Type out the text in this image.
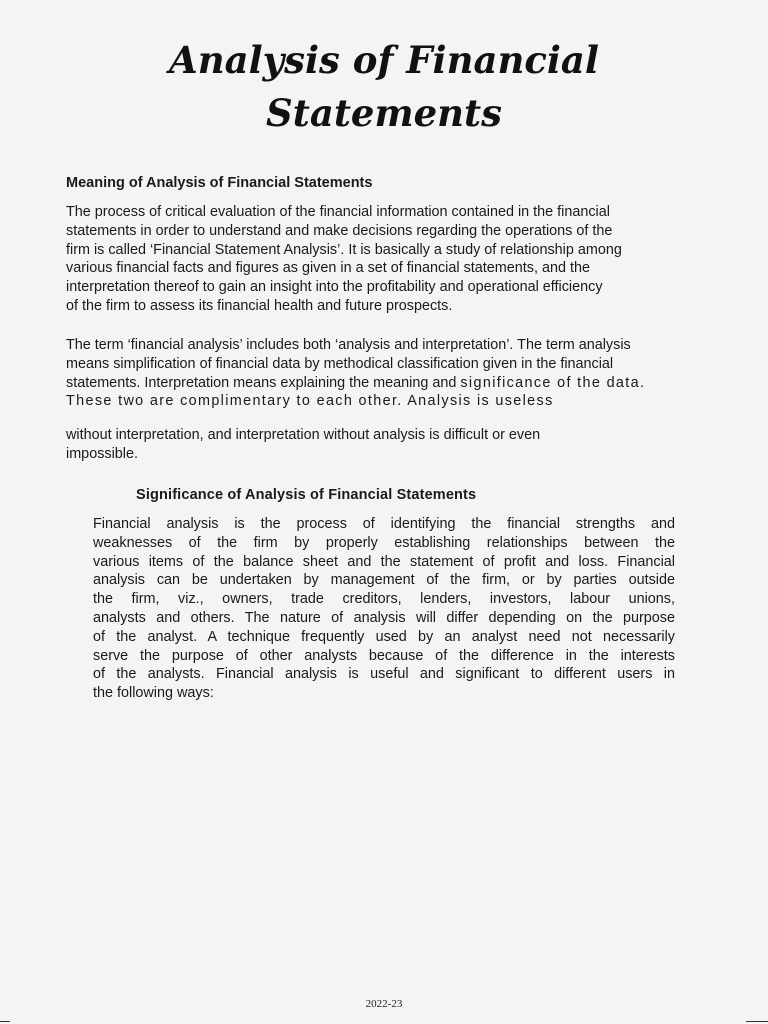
Analysis of Financial
Statements
Meaning of Analysis of Financial Statements
The process of critical evaluation of the financial information contained in the financial
statements in order to understand and make decisions regarding the operations of the
firm is called ‘Financial Statement Analysis’. It is basically a study of relationship among
various financial facts and figures as given in a set of financial statements, and the
interpretation thereof to gain an insight into the profitability and operational efficiency
of the firm to assess its financial health and future prospects.
The term ‘financial analysis’ includes both ‘analysis and interpretation’. The term analysis
means simplification of financial data by methodical classification given in the financial
statements. Interpretation means explaining the meaning and significance of the data.
These two are complimentary to each other. Analysis is useless
without interpretation, and interpretation without analysis is difficult or even
impossible.
Significance of Analysis of Financial Statements
Financial analysis is the process of identifying the financial strengths and
weaknesses of the firm by properly establishing relationships between the
various items of the balance sheet and the statement of profit and loss. Financial
analysis can be undertaken by management of the firm, or by parties outside
the firm, viz., owners, trade creditors, lenders, investors, labour unions,
analysts and others. The nature of analysis will differ depending on the purpose
of the analyst. A technique frequently used by an analyst need not necessarily
serve the purpose of other analysts because of the difference in the interests
of the analysts. Financial analysis is useful and significant to different users in
the following ways:
2022-23
